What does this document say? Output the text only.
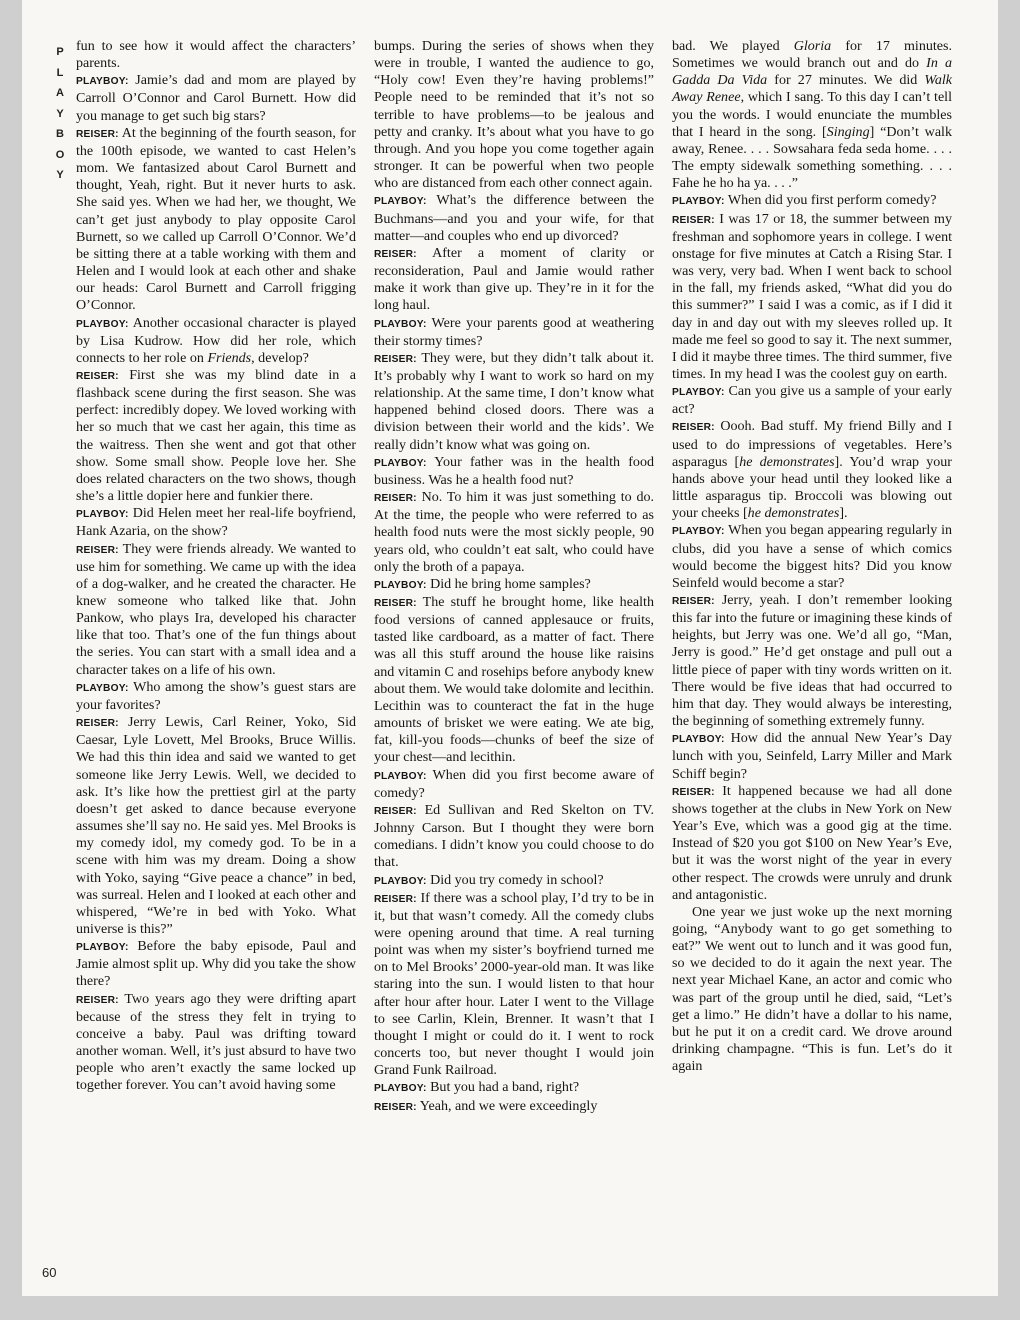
P
L
A
Y
B
O
Y
60

fun to see how it would affect the characters’ parents.

PLAYBOY: Jamie’s dad and mom are played by Carroll O’Connor and Carol Burnett. How did you manage to get such big stars?

REISER: At the beginning of the fourth season, for the 100th episode, we wanted to cast Helen’s mom. We fantasized about Carol Burnett and thought, Yeah, right. But it never hurts to ask. She said yes. When we had her, we thought, We can’t get just anybody to play opposite Carol Burnett, so we called up Carroll O’Connor. We’d be sitting there at a table working with them and Helen and I would look at each other and shake our heads: Carol Burnett and Carroll frigging O’Connor.

PLAYBOY: Another occasional character is played by Lisa Kudrow. How did her role, which connects to her role on Friends, develop?

REISER: First she was my blind date in a flashback scene during the first season. She was perfect: incredibly dopey. We loved working with her so much that we cast her again, this time as the waitress. Then she went and got that other show. Some small show. People love her. She does related characters on the two shows, though she’s a little dopier here and funkier there.

PLAYBOY: Did Helen meet her real-life boyfriend, Hank Azaria, on the show?

REISER: They were friends already. We wanted to use him for something. We came up with the idea of a dog-walker, and he created the character. He knew someone who talked like that. John Pankow, who plays Ira, developed his character like that too. That’s one of the fun things about the series. You can start with a small idea and a character takes on a life of his own.

PLAYBOY: Who among the show’s guest stars are your favorites?

REISER: Jerry Lewis, Carl Reiner, Yoko, Sid Caesar, Lyle Lovett, Mel Brooks, Bruce Willis. We had this thin idea and said we wanted to get someone like Jerry Lewis. Well, we decided to ask. It’s like how the prettiest girl at the party doesn’t get asked to dance because everyone assumes she’ll say no. He said yes. Mel Brooks is my comedy idol, my comedy god. To be in a scene with him was my dream. Doing a show with Yoko, saying “Give peace a chance” in bed, was surreal. Helen and I looked at each other and whispered, “We’re in bed with Yoko. What universe is this?”

PLAYBOY: Before the baby episode, Paul and Jamie almost split up. Why did you take the show there?

REISER: Two years ago they were drifting apart because of the stress they felt in trying to conceive a baby. Paul was drifting toward another woman. Well, it’s just absurd to have two people who aren’t exactly the same locked up together forever. You can’t avoid having some

bumps. During the series of shows when they were in trouble, I wanted the audience to go, “Holy cow! Even they’re having problems!” People need to be reminded that it’s not so terrible to have problems—to be jealous and petty and cranky. It’s about what you have to go through. And you hope you come together again stronger. It can be powerful when two people who are distanced from each other connect again.

PLAYBOY: What’s the difference between the Buchmans—and you and your wife, for that matter—and couples who end up divorced?

REISER: After a moment of clarity or reconsideration, Paul and Jamie would rather make it work than give up. They’re in it for the long haul.

PLAYBOY: Were your parents good at weathering their stormy times?

REISER: They were, but they didn’t talk about it. It’s probably why I want to work so hard on my relationship. At the same time, I don’t know what happened behind closed doors. There was a division between their world and the kids’. We really didn’t know what was going on.

PLAYBOY: Your father was in the health food business. Was he a health food nut?

REISER: No. To him it was just something to do. At the time, the people who were referred to as health food nuts were the most sickly people, 90 years old, who couldn’t eat salt, who could have only the broth of a papaya.

PLAYBOY: Did he bring home samples?

REISER: The stuff he brought home, like health food versions of canned applesauce or fruits, tasted like cardboard, as a matter of fact. There was all this stuff around the house like raisins and vitamin C and rosehips before anybody knew about them. We would take dolomite and lecithin. Lecithin was to counteract the fat in the huge amounts of brisket we were eating. We ate big, fat, kill-you foods—chunks of beef the size of your chest—and lecithin.

PLAYBOY: When did you first become aware of comedy?

REISER: Ed Sullivan and Red Skelton on TV. Johnny Carson. But I thought they were born comedians. I didn’t know you could choose to do that.

PLAYBOY: Did you try comedy in school?

REISER: If there was a school play, I’d try to be in it, but that wasn’t comedy. All the comedy clubs were opening around that time. A real turning point was when my sister’s boyfriend turned me on to Mel Brooks’ 2000-year-old man. It was like staring into the sun. I would listen to that hour after hour after hour. Later I went to the Village to see Carlin, Klein, Brenner. It wasn’t that I thought I might or could do it. I went to rock concerts too, but never thought I would join Grand Funk Railroad.

PLAYBOY: But you had a band, right?

REISER: Yeah, and we were exceedingly

bad. We played Gloria for 17 minutes. Sometimes we would branch out and do In a Gadda Da Vida for 27 minutes. We did Walk Away Renee, which I sang. To this day I can’t tell you the words. I would enunciate the mumbles that I heard in the song. [Singing] “Don’t walk away, Renee. . . . Sowsahara feda seda home. . . . The empty sidewalk something something. . . . Fahe he ho ha ya. . . .”

PLAYBOY: When did you first perform comedy?

REISER: I was 17 or 18, the summer between my freshman and sophomore years in college. I went onstage for five minutes at Catch a Rising Star. I was very, very bad. When I went back to school in the fall, my friends asked, “What did you do this summer?” I said I was a comic, as if I did it day in and day out with my sleeves rolled up. It made me feel so good to say it. The next summer, I did it maybe three times. The third summer, five times. In my head I was the coolest guy on earth.

PLAYBOY: Can you give us a sample of your early act?

REISER: Oooh. Bad stuff. My friend Billy and I used to do impressions of vegetables. Here’s asparagus [he demonstrates]. You’d wrap your hands above your head until they looked like a little asparagus tip. Broccoli was blowing out your cheeks [he demonstrates].

PLAYBOY: When you began appearing regularly in clubs, did you have a sense of which comics would become the biggest hits? Did you know Seinfeld would become a star?

REISER: Jerry, yeah. I don’t remember looking this far into the future or imagining these kinds of heights, but Jerry was one. We’d all go, “Man, Jerry is good.” He’d get onstage and pull out a little piece of paper with tiny words written on it. There would be five ideas that had occurred to him that day. They would always be interesting, the beginning of something extremely funny.

PLAYBOY: How did the annual New Year’s Day lunch with you, Seinfeld, Larry Miller and Mark Schiff begin?

REISER: It happened because we had all done shows together at the clubs in New York on New Year’s Eve, which was a good gig at the time. Instead of $20 you got $100 on New Year’s Eve, but it was the worst night of the year in every other respect. The crowds were unruly and drunk and antagonistic.

One year we just woke up the next morning going, “Anybody want to go get something to eat?” We went out to lunch and it was good fun, so we decided to do it again the next year. The next year Michael Kane, an actor and comic who was part of the group until he died, said, “Let’s get a limo.” He didn’t have a dollar to his name, but he put it on a credit card. We drove around drinking champagne. “This is fun. Let’s do it again
